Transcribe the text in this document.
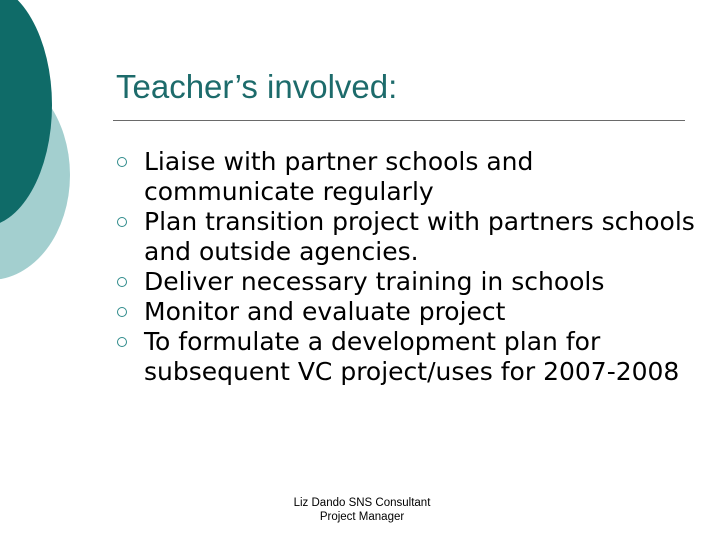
Teacher’s involved:
Liaise with partner schools and communicate regularly
Plan transition project with partners schools and outside agencies.
Deliver necessary training in schools
Monitor and evaluate project
To formulate a development plan for subsequent VC project/uses for 2007-2008
Liz Dando SNS Consultant
Project Manager
